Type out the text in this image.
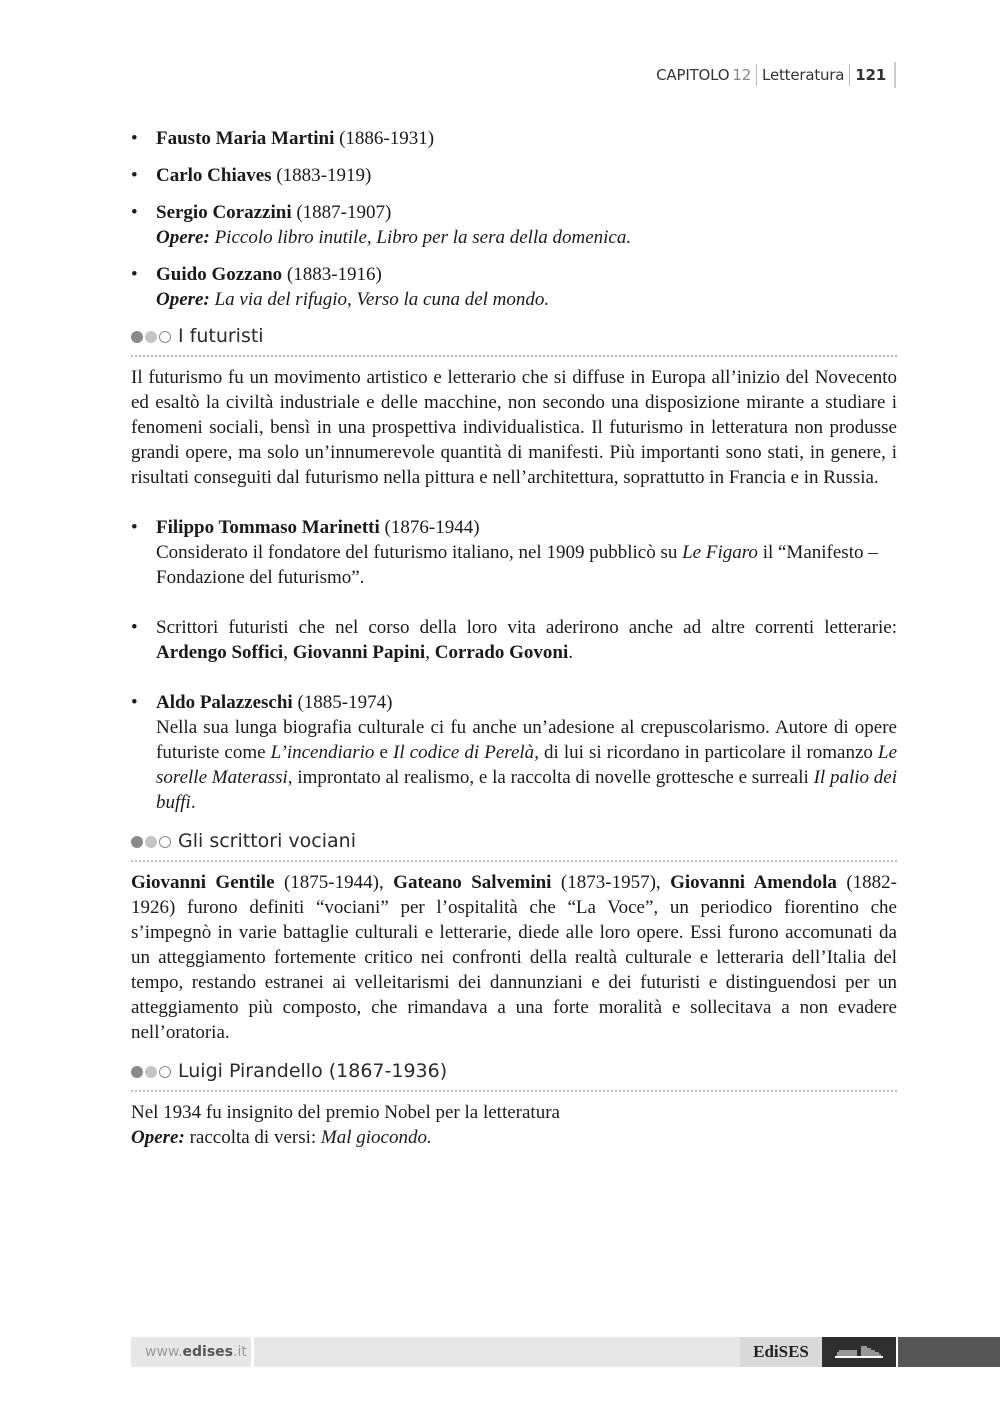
CAPITOLO 12 Letteratura 121
• Fausto Maria Martini (1886-1931)
• Carlo Chiaves (1883-1919)
• Sergio Corazzini (1887-1907)
Opere: Piccolo libro inutile, Libro per la sera della domenica.
• Guido Gozzano (1883-1916)
Opere: La via del rifugio, Verso la cuna del mondo.
I futuristi

Il futurismo fu un movimento artistico e letterario che si diffuse in Europa all’inizio del Novecento ed esaltò la civiltà industriale e delle macchine, non secondo una disposizione mirante a studiare i fenomeni sociali, bensì in una prospettiva individualistica. Il futurismo in letteratura non produsse grandi opere, ma solo un’innumerevole quantità di manifesti. Più importanti sono stati, in genere, i risultati conseguiti dal futurismo nella pittura e nell’architettura, soprattutto in Francia e in Russia.

• Filippo Tommaso Marinetti (1876-1944)
Considerato il fondatore del futurismo italiano, nel 1909 pubblicò su Le Figaro il “Manifesto – Fondazione del futurismo”.
• Scrittori futuristi che nel corso della loro vita aderirono anche ad altre correnti letterarie: Ardengo Soffici, Giovanni Papini, Corrado Govoni.
• Aldo Palazzeschi (1885-1974)
Nella sua lunga biografia culturale ci fu anche un’adesione al crepuscolarismo. Autore di opere futuriste come L’incendiario e Il codice di Perelà, di lui si ricordano in particolare il romanzo Le sorelle Materassi, improntato al realismo, e la raccolta di novelle grottesche e surreali Il palio dei buffi.
Gli scrittori vociani

Giovanni Gentile (1875-1944), Gateano Salvemini (1873-1957), Giovanni Amendola (1882-1926) furono definiti “vociani” per l’ospitalità che “La Voce”, un periodico fiorentino che s’impegnò in varie battaglie culturali e letterarie, diede alle loro opere. Essi furono accomunati da un atteggiamento fortemente critico nei confronti della realtà culturale e letteraria dell’Italia del tempo, restando estranei ai velleitarismi dei dannunziani e dei futuristi e distinguendosi per un atteggiamento più composto, che rimandava a una forte moralità e sollecitava a non evadere nell’oratoria.

Luigi Pirandello (1867-1936)

Nel 1934 fu insignito del premio Nobel per la letteratura
Opere: raccolta di versi: Mal giocondo.

www. edises .it	EdiSES
